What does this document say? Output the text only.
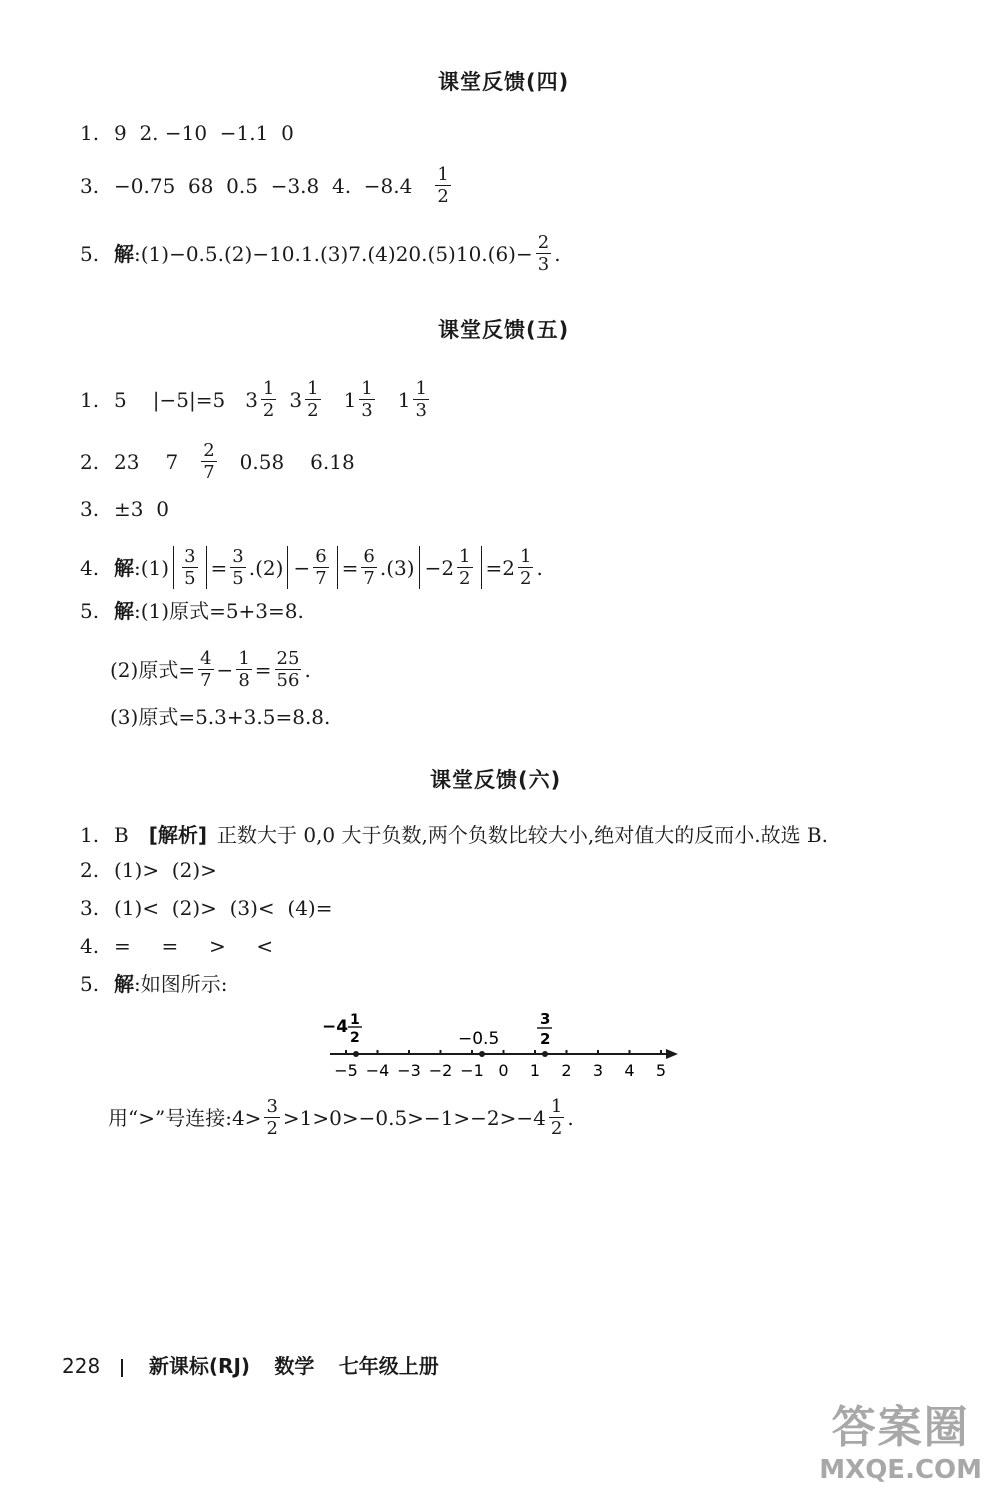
课堂反馈(四)
1. 9  2. −10  −1.1  0
3. −0.75  68  0.5  −3.8  4.  $-8.4 \frac{1}{2}$
5. 解 :(1)−0.5.(2)−10.1.(3)7.(4)20.(5)10.(6)− $\frac{2}{3}$ .
课堂反馈(五)
1. 5 |−5|=5 $3 \frac{1}{2} 3 \frac{1}{2} 1 \frac{1}{3} 1 \frac{1}{3}$
2. 23 $7 \frac{2}{7} 0.58$ 6.18
3. ±3  0
4. 解 :(1) $\frac{3}{5} = \frac{3}{5} .(2) - \frac{6}{7} = \frac{6}{7} .(3) -2 \frac{1}{2} =2 \frac{1}{2}$ .
5. 解 :(1)原式=5+3=8.
(2)原式= $\frac{4}{7} - \frac{1}{8} = \frac{25}{56}$ .
(3)原式=5.3+3.5=8.8.
课堂反馈(六)
1. B [解析] 正数大于 0,0 大于负数,两个负数比较大小,绝对值大的反而小.故选 B.
2. (1)>  (2)>
3. (1)<  (2)>  (3)<  (4)=
4. =  =  >  <
5. 解 :如图所示:
−5 −4 −3 −2 −1 0 1 2 3 4 5
−4 1
2	−0.5
3
2
用“>”号连接:4> $\frac{3}{2} >1>0>-0.5>-1>-2>-4 \frac{1}{2}$ .
228 新课标(RJ) 数学 七年级上册
答案圈
MXQE.COM
